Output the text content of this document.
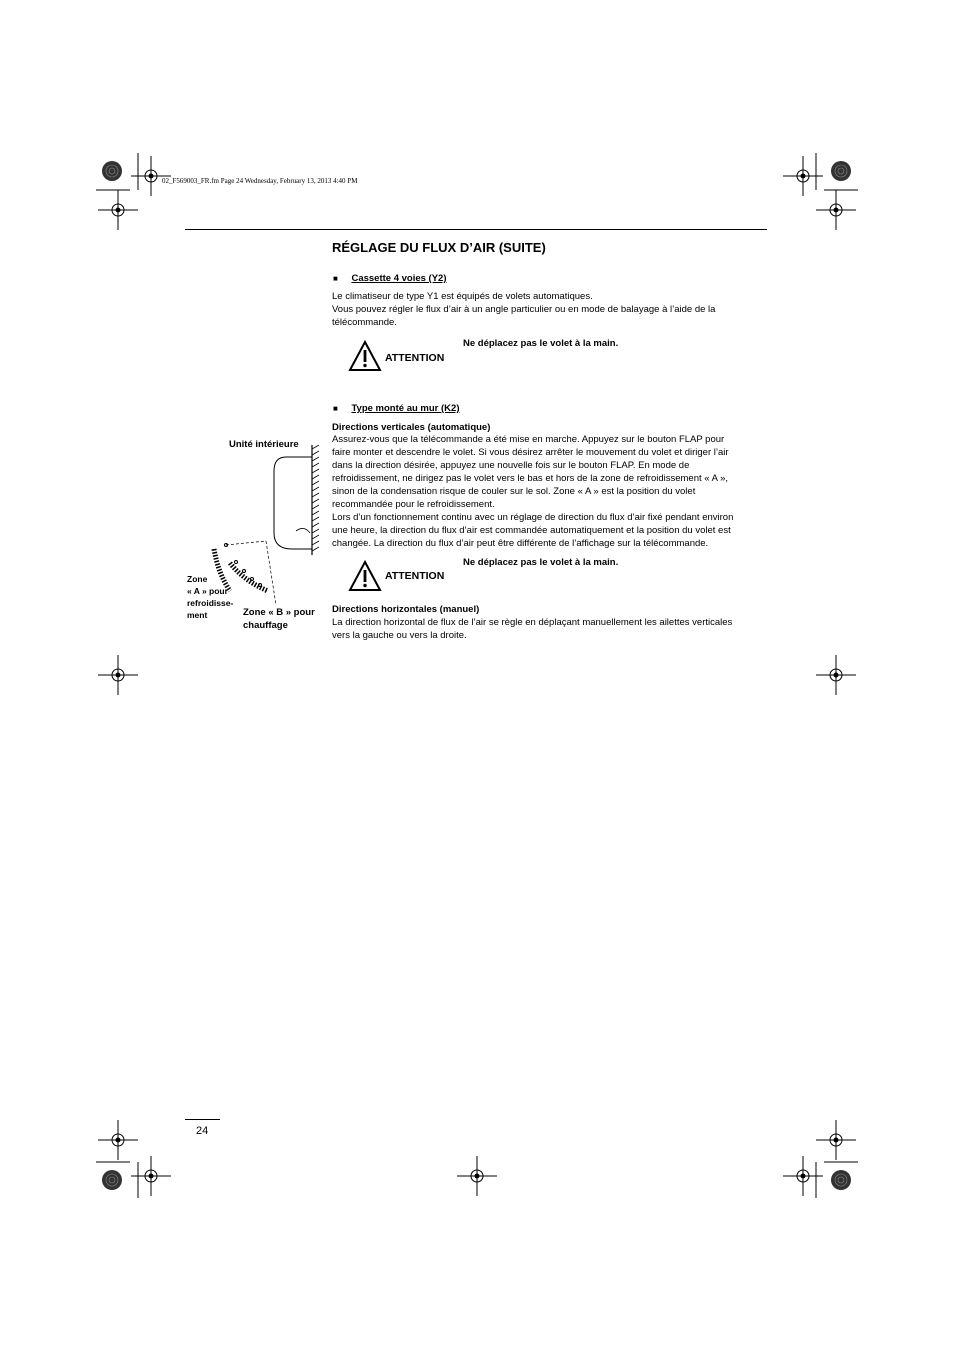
02_F569003_FR.fm Page 24 Wednesday, February 13, 2013 4:40 PM
RÉGLAGE DU FLUX D’AIR (SUITE)
■ Cassette 4 voies (Y2)
Le climatiseur de type Y1 est équipés de volets automatiques.
Vous pouvez régler le flux d’air à un angle particulier ou en mode de balayage à l’aide de la
télécommande.
ATTENTION
Ne déplacez pas le volet à la main.
■ Type monté au mur (K2)
Directions verticales (automatique)
Assurez-vous que la télécommande a été mise en marche. Appuyez sur le bouton FLAP pour
faire monter et descendre le volet. Si vous désirez arrêter le mouvement du volet et diriger l’air
dans la direction désirée, appuyez une nouvelle fois sur le bouton FLAP. En mode de
refroidissement, ne dirigez pas le volet vers le bas et hors de la zone de refroidissement « A »,
sinon de la condensation risque de couler sur le sol. Zone « A » est la position du volet
recommandée pour le refroidissement.
Lors d’un fonctionnement continu avec un réglage de direction du flux d’air fixé pendant environ
une heure, la direction du flux d’air est commandée automatiquement et la position du volet est
changée. La direction du flux d’air peut être différente de l’affichage sur la télécommande.
ATTENTION
Ne déplacez pas le volet à la main.
Directions horizontales (manuel)
La direction horizontal de flux de l’air se règle en déplaçant manuellement les ailettes verticales
vers la gauche ou vers la droite.
Unité intérieure
Zone
« A » pour
refroidisse-
ment	Zone « B » pour
chauffage
24
